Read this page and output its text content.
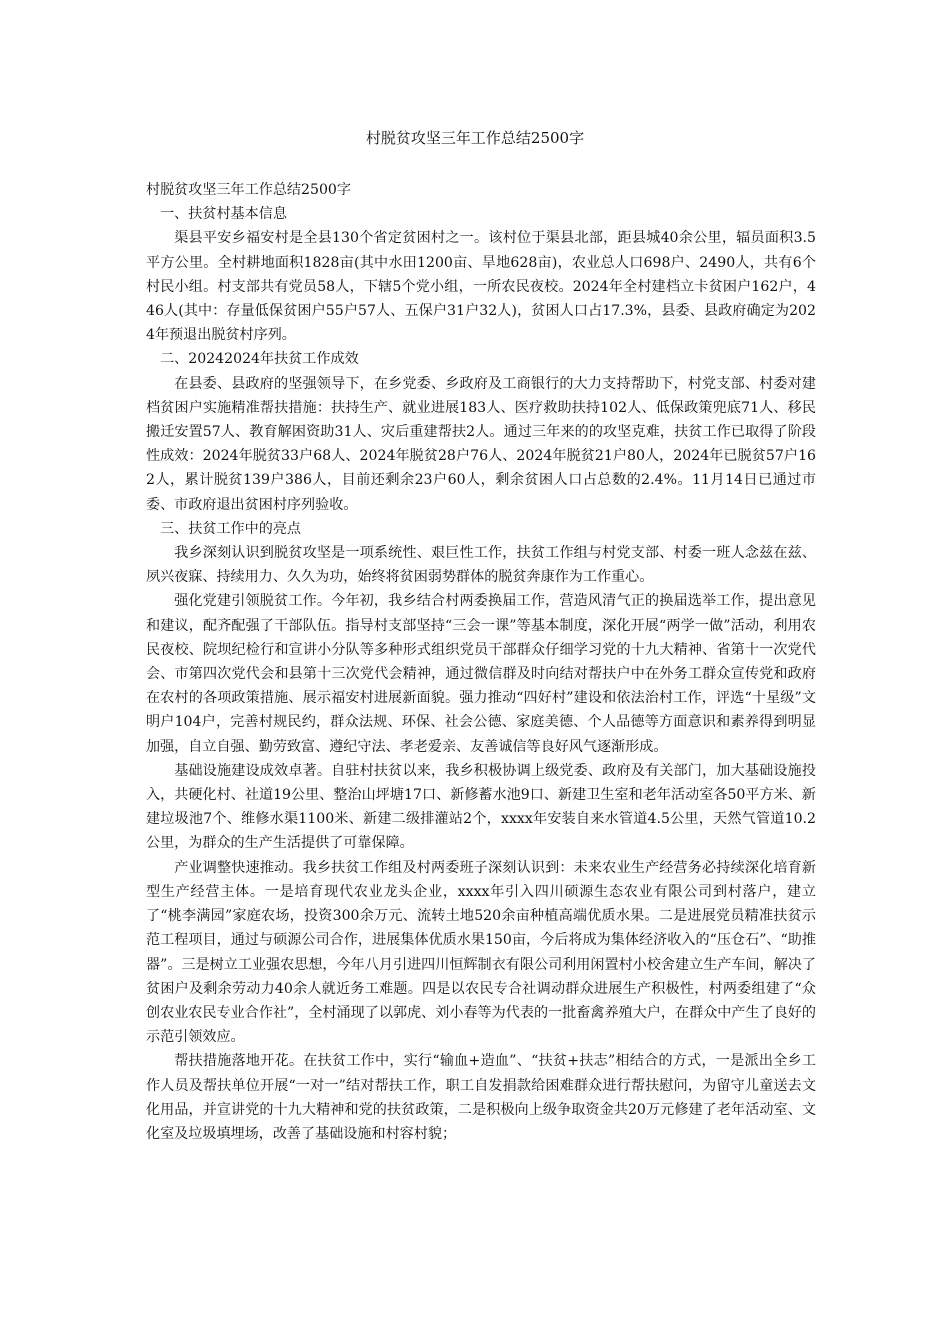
村脱贫攻坚三年工作总结2500字

村脱贫攻坚三年工作总结2500字

一、扶贫村基本信息

渠县平安乡福安村是全县130个省定贫困村之一。该村位于渠县北部，距县城40余公里，辐员面积3.5平方公里。全村耕地面积1828亩(其中水田1200亩、旱地628亩)，农业总人口698户、2490人，共有6个村民小组。村支部共有党员58人，下辖5个党小组，一所农民夜校。2024年全村建档立卡贫困户162户，446人(其中：存量低保贫困户55户57人、五保户31户32人)，贫困人口占17.3%，县委、县政府确定为2024年预退出脱贫村序列。

二、20242024年扶贫工作成效

在县委、县政府的坚强领导下，在乡党委、乡政府及工商银行的大力支持帮助下，村党支部、村委对建档贫困户实施精准帮扶措施：扶持生产、就业进展183人、医疗救助扶持102人、低保政策兜底71人、移民搬迁安置57人、教育解困资助31人、灾后重建帮扶2人。通过三年来的的攻坚克难，扶贫工作已取得了阶段性成效：2024年脱贫33户68人、2024年脱贫28户76人、2024年脱贫21户80人，2024年已脱贫57户162人，累计脱贫139户386人，目前还剩余23户60人，剩余贫困人口占总数的2.4%。11月14日已通过市委、市政府退出贫困村序列验收。

三、扶贫工作中的亮点

我乡深刻认识到脱贫攻坚是一项系统性、艰巨性工作，扶贫工作组与村党支部、村委一班人念兹在兹、夙兴夜寐、持续用力、久久为功，始终将贫困弱势群体的脱贫奔康作为工作重心。

强化党建引领脱贫工作。今年初，我乡结合村两委换届工作，营造风清气正的换届选举工作，提出意见和建议，配齐配强了干部队伍。指导村支部坚持“三会一课”等基本制度，深化开展“两学一做”活动，利用农民夜校、院坝纪检行和宣讲小分队等多种形式组织党员干部群众仔细学习党的十九大精神、省第十一次党代会、市第四次党代会和县第十三次党代会精神，通过微信群及时向结对帮扶户中在外务工群众宣传党和政府在农村的各项政策措施、展示福安村进展新面貌。强力推动“四好村”建设和依法治村工作，评选“十星级”文明户104户，完善村规民约，群众法规、环保、社会公德、家庭美德、个人品德等方面意识和素养得到明显加强，自立自强、勤劳致富、遵纪守法、孝老爱亲、友善诚信等良好风气逐渐形成。

基础设施建设成效卓著。自驻村扶贫以来，我乡积极协调上级党委、政府及有关部门，加大基础设施投入，共硬化村、社道19公里、整治山坪塘17口、新修蓄水池9口、新建卫生室和老年活动室各50平方米、新建垃圾池7个、维修水渠1100米、新建二级排灌站2个，xxxx年安装自来水管道4.5公里，天然气管道10.2公里，为群众的生产生活提供了可靠保障。

产业调整快速推动。我乡扶贫工作组及村两委班子深刻认识到：未来农业生产经营务必持续深化培育新型生产经营主体。一是培育现代农业龙头企业，xxxx年引入四川硕源生态农业有限公司到村落户，建立了“桃李满园”家庭农场，投资300余万元、流转土地520余亩种植高端优质水果。二是进展党员精准扶贫示范工程项目，通过与硕源公司合作，进展集体优质水果150亩，今后将成为集体经济收入的“压仓石”、“助推器”。三是树立工业强农思想，今年八月引进四川恒辉制衣有限公司利用闲置村小校舍建立生产车间，解决了贫困户及剩余劳动力40余人就近务工难题。四是以农民专合社调动群众进展生产积极性，村两委组建了“众创农业农民专业合作社”，全村涌现了以郭虎、刘小春等为代表的一批畜禽养殖大户，在群众中产生了良好的示范引领效应。

帮扶措施落地开花。在扶贫工作中，实行“输血+造血”、“扶贫+扶志”相结合的方式，一是派出全乡工作人员及帮扶单位开展“一对一”结对帮扶工作，职工自发捐款给困难群众进行帮扶慰问，为留守儿童送去文化用品，并宣讲党的十九大精神和党的扶贫政策，二是积极向上级争取资金共20万元修建了老年活动室、文化室及垃圾填埋场，改善了基础设施和村容村貌；
